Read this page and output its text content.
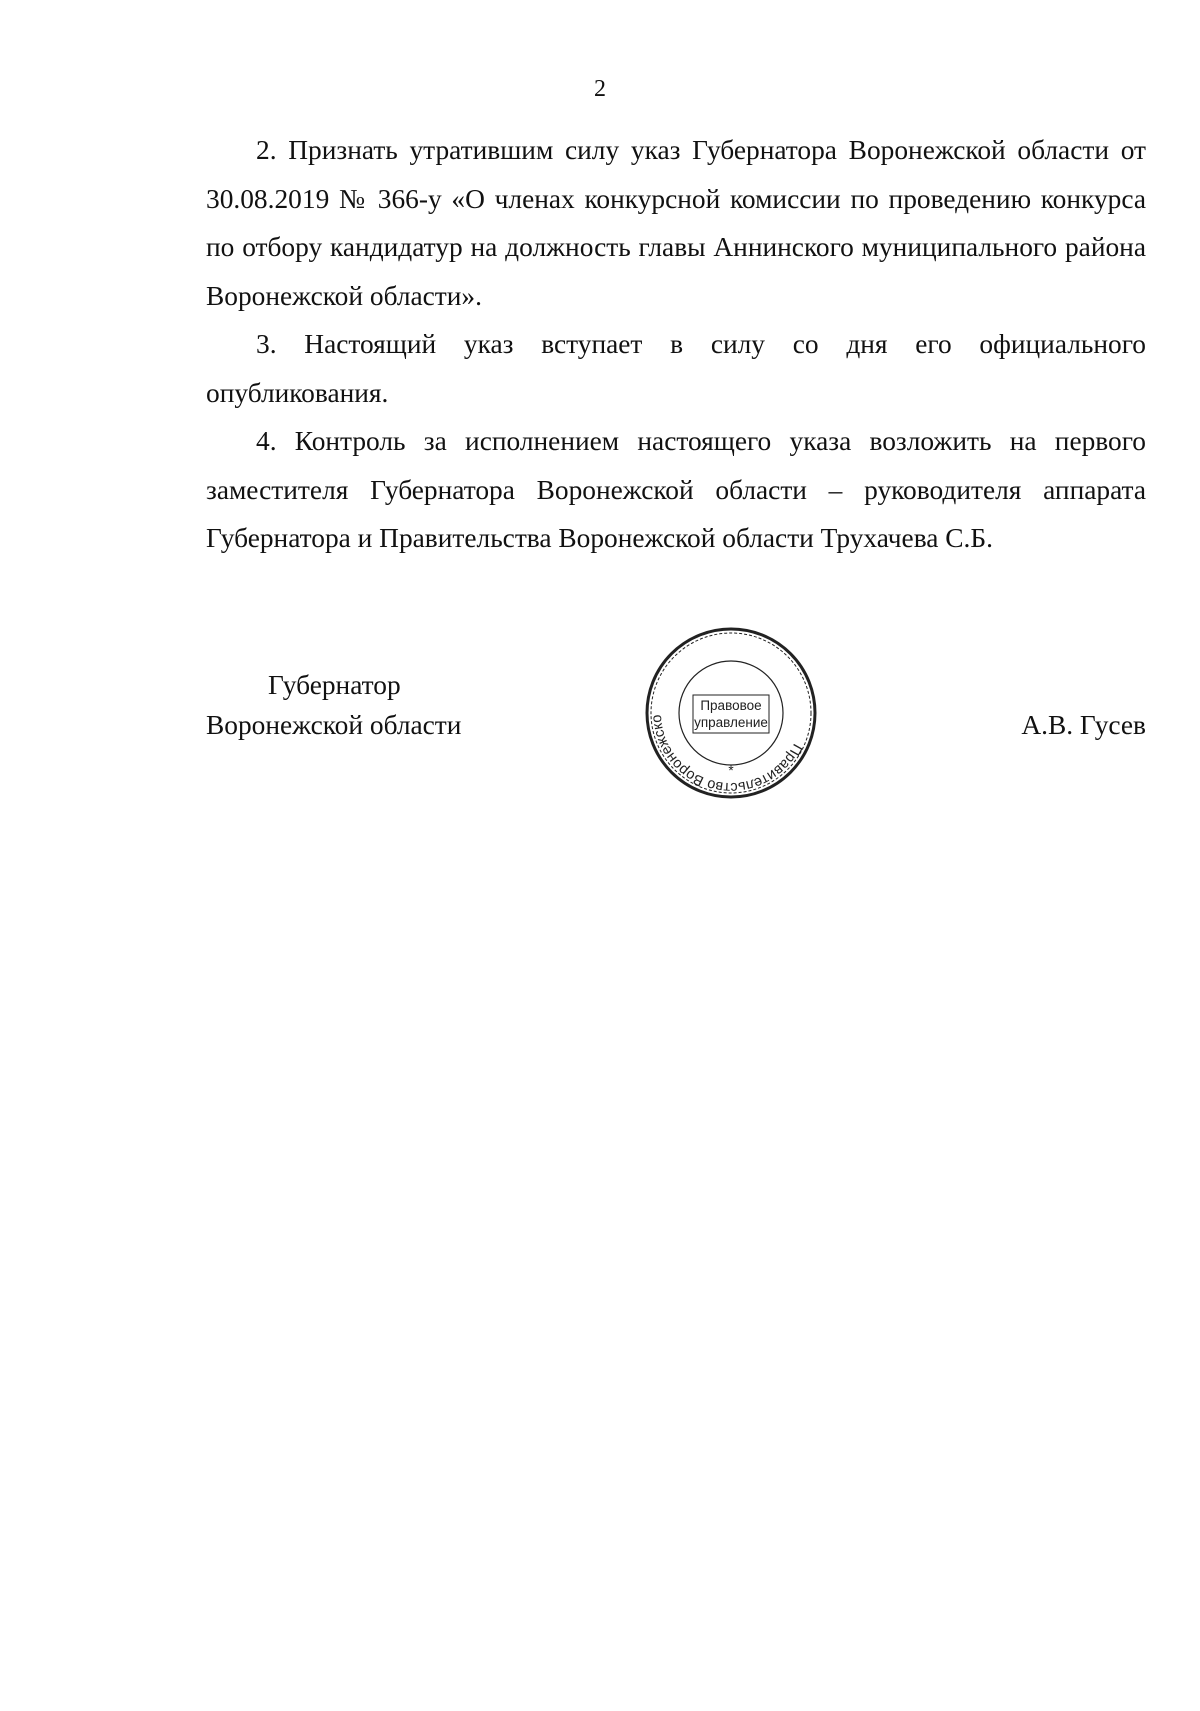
2

2. Признать утратившим силу указ Губернатора Воронежской области от 30.08.2019 № 366-у «О членах конкурсной комиссии по проведению конкурса по отбору кандидатур на должность главы Аннинского муниципального района Воронежской области».

3. Настоящий указ вступает в силу со дня его официального опубликования.

4. Контроль за исполнением настоящего указа возложить на первого заместителя Губернатора Воронежской области – руководителя аппарата Губернатора и Правительства Воронежской области Трухачева С.Б.

Губернатор
Воронежской области	А.В. Гусев
Правительство Воронежско
Правовое
управление
*
